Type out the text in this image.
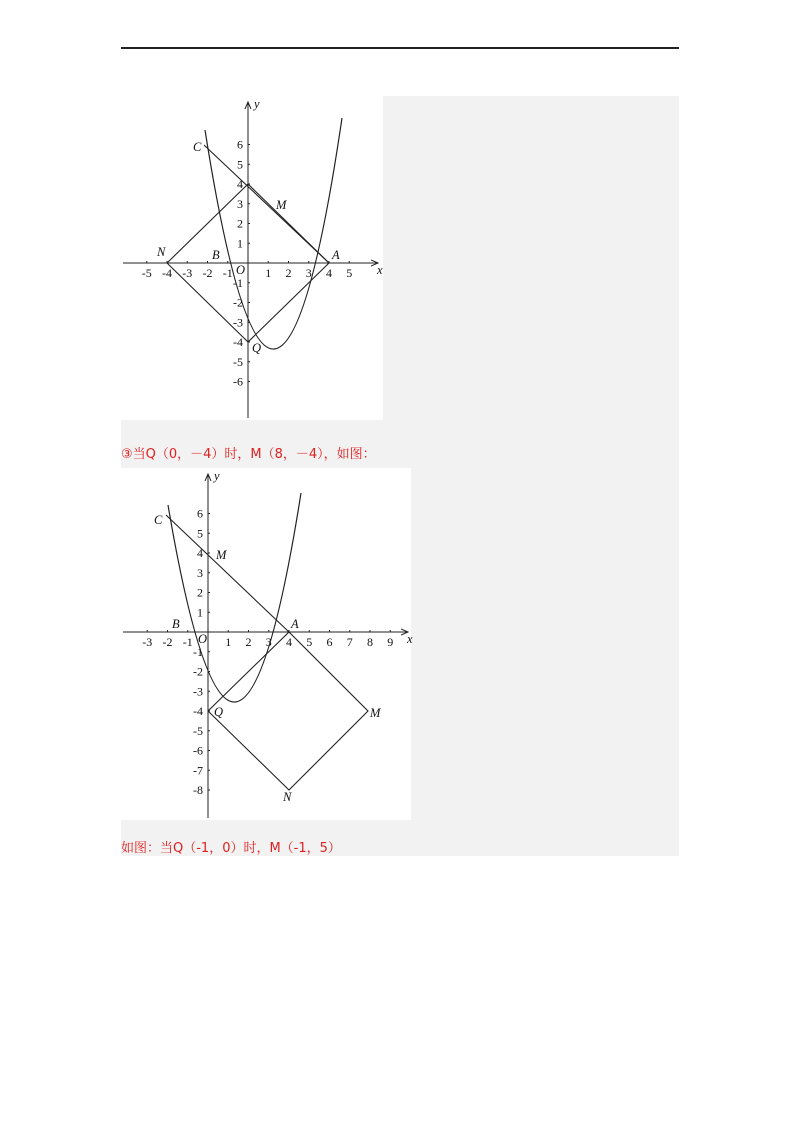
x
y
O
-5 -4 -3 -2 -1	1 2 3 4 5
6
5
4
3
2
1
-1
-2
-3
-4
-5
-6
C
N	B
M
A
Q
③当Q（0，－4）时，M（8，－4），如图：
x
y
O
-3 -2 -1	1 2 3 4 5 6 7 8 9
6
5
4
3
2
1
-1
-2
-3
-4
-5
-6
-7
-8
C
M
B	A
Q	M
N
如图：当Q（-1，0）时，M（-1，5）
